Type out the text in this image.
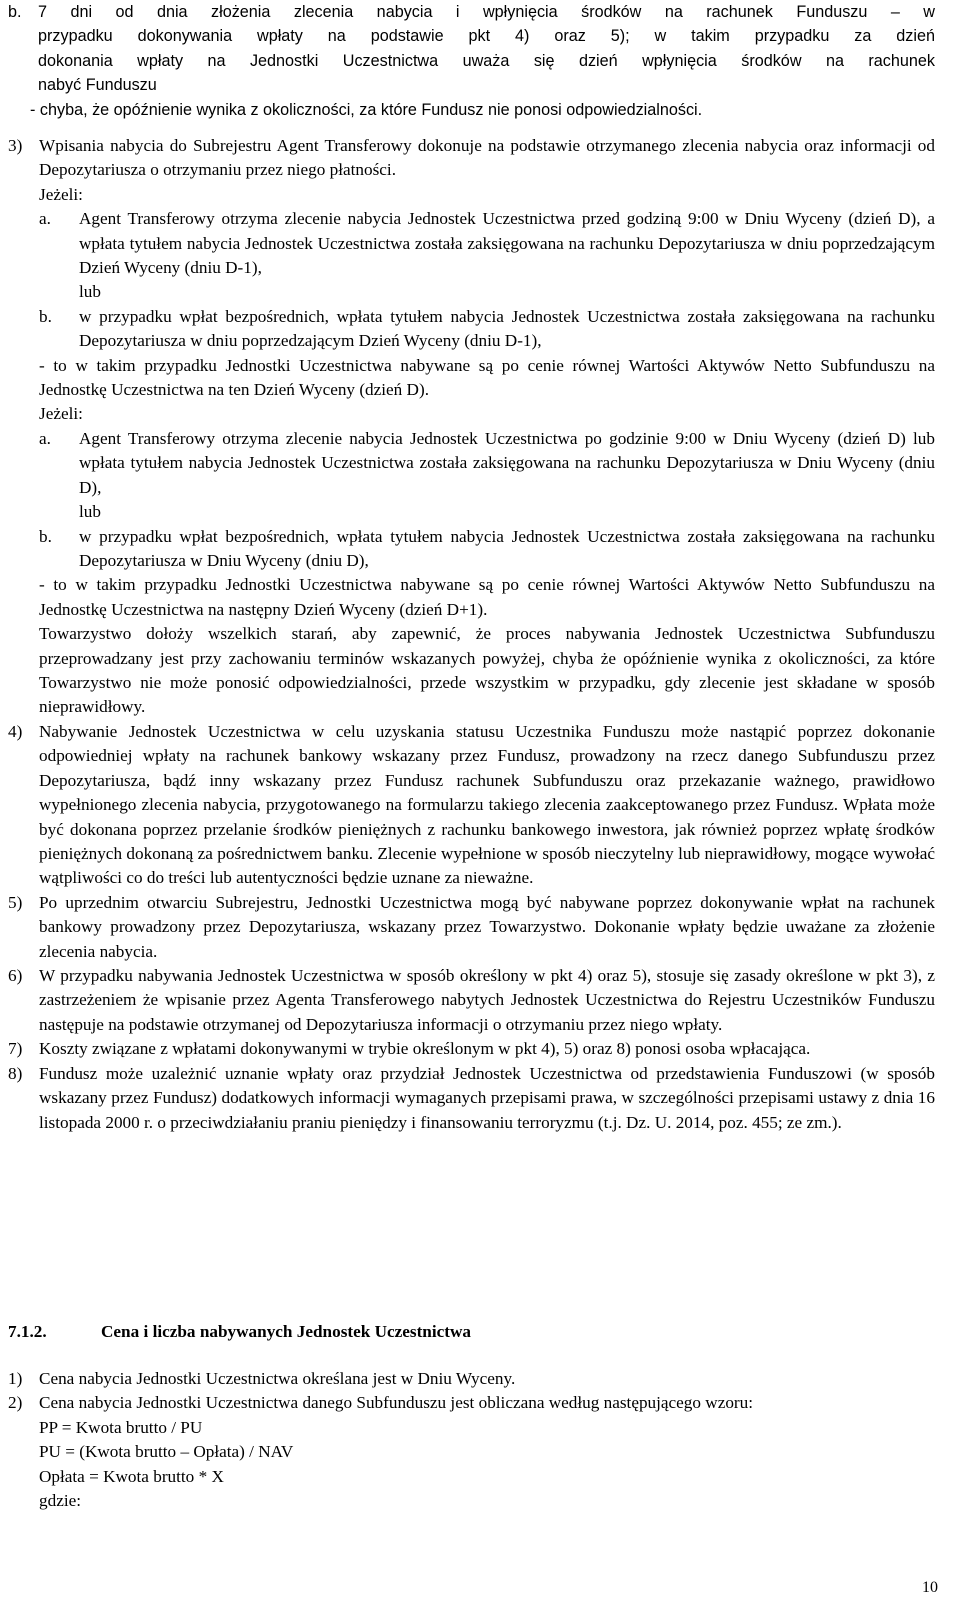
b. 7 dni od dnia złożenia zlecenia nabycia i wpłynięcia środków na rachunek Funduszu – w
przypadku dokonywania wpłaty na podstawie pkt 4) oraz 5); w takim przypadku za dzień
dokonania wpłaty na Jednostki Uczestnictwa uważa się dzień wpłynięcia środków na rachunek
nabyć Funduszu
- chyba, że opóźnienie wynika z okoliczności, za które Fundusz nie ponosi odpowiedzialności.
3) Wpisania nabycia do Subrejestru Agent Transferowy dokonuje na podstawie otrzymanego zlecenia nabycia oraz informacji od Depozytariusza o otrzymaniu przez niego płatności.

Jeżeli:
a. Agent Transferowy otrzyma zlecenie nabycia Jednostek Uczestnictwa przed godziną 9:00 w Dniu Wyceny (dzień D), a wpłata tytułem nabycia Jednostek Uczestnictwa została zaksięgowana na rachunku Depozytariusza w dniu poprzedzającym Dzień Wyceny (dniu D-1),

lub
b. w przypadku wpłat bezpośrednich, wpłata tytułem nabycia Jednostek Uczestnictwa została zaksięgowana na rachunku Depozytariusza w dniu poprzedzającym Dzień Wyceny (dniu D-1),

- to w takim przypadku Jednostki Uczestnictwa nabywane są po cenie równej Wartości Aktywów Netto Subfunduszu na Jednostkę Uczestnictwa na ten Dzień Wyceny (dzień D).

Jeżeli:
a. Agent Transferowy otrzyma zlecenie nabycia Jednostek Uczestnictwa po godzinie 9:00 w Dniu Wyceny (dzień D) lub wpłata tytułem nabycia Jednostek Uczestnictwa została zaksięgowana na rachunku Depozytariusza w Dniu Wyceny (dniu D),

lub
b. w przypadku wpłat bezpośrednich, wpłata tytułem nabycia Jednostek Uczestnictwa została zaksięgowana na rachunku Depozytariusza w Dniu Wyceny (dniu D),

- to w takim przypadku Jednostki Uczestnictwa nabywane są po cenie równej Wartości Aktywów Netto Subfunduszu na Jednostkę Uczestnictwa na następny Dzień Wyceny (dzień D+1).

Towarzystwo dołoży wszelkich starań, aby zapewnić, że proces nabywania Jednostek Uczestnictwa Subfunduszu przeprowadzany jest przy zachowaniu terminów wskazanych powyżej, chyba że opóźnienie wynika z okoliczności, za które Towarzystwo nie może ponosić odpowiedzialności, przede wszystkim w przypadku, gdy zlecenie jest składane w sposób nieprawidłowy.

4) Nabywanie Jednostek Uczestnictwa w celu uzyskania statusu Uczestnika Funduszu może nastąpić poprzez dokonanie odpowiedniej wpłaty na rachunek bankowy wskazany przez Fundusz, prowadzony na rzecz danego Subfunduszu przez Depozytariusza, bądź inny wskazany przez Fundusz rachunek Subfunduszu oraz przekazanie ważnego, prawidłowo wypełnionego zlecenia nabycia, przygotowanego na formularzu takiego zlecenia zaakceptowanego przez Fundusz. Wpłata może być dokonana poprzez przelanie środków pieniężnych z rachunku bankowego inwestora, jak również poprzez wpłatę środków pieniężnych dokonaną za pośrednictwem banku. Zlecenie wypełnione w sposób nieczytelny lub nieprawidłowy, mogące wywołać wątpliwości co do treści lub autentyczności będzie uznane za nieważne.

5) Po uprzednim otwarciu Subrejestru, Jednostki Uczestnictwa mogą być nabywane poprzez dokonywanie wpłat na rachunek bankowy prowadzony przez Depozytariusza, wskazany przez Towarzystwo. Dokonanie wpłaty będzie uważane za złożenie zlecenia nabycia.

6) W przypadku nabywania Jednostek Uczestnictwa w sposób określony w pkt 4) oraz 5), stosuje się zasady określone w pkt 3), z zastrzeżeniem że wpisanie przez Agenta Transferowego nabytych Jednostek Uczestnictwa do Rejestru Uczestników Funduszu następuje na podstawie otrzymanej od Depozytariusza informacji o otrzymaniu przez niego wpłaty.

7) Koszty związane z wpłatami dokonywanymi w trybie określonym w pkt 4), 5) oraz 8) ponosi osoba wpłacająca.

8) Fundusz może uzależnić uznanie wpłaty oraz przydział Jednostek Uczestnictwa od przedstawienia Funduszowi (w sposób wskazany przez Fundusz) dodatkowych informacji wymaganych przepisami prawa, w szczególności przepisami ustawy z dnia 16 listopada 2000 r. o przeciwdziałaniu praniu pieniędzy i finansowaniu terroryzmu (t.j. Dz. U. 2014, poz. 455; ze zm.).

7.1.2.	Cena i liczba nabywanych Jednostek Uczestnictwa
1) Cena nabycia Jednostki Uczestnictwa określana jest w Dniu Wyceny.

2) Cena nabycia Jednostki Uczestnictwa danego Subfunduszu jest obliczana według następującego wzoru:

PP = Kwota brutto / PU
PU = (Kwota brutto – Opłata) / NAV
Opłata = Kwota brutto * X
gdzie:
10
